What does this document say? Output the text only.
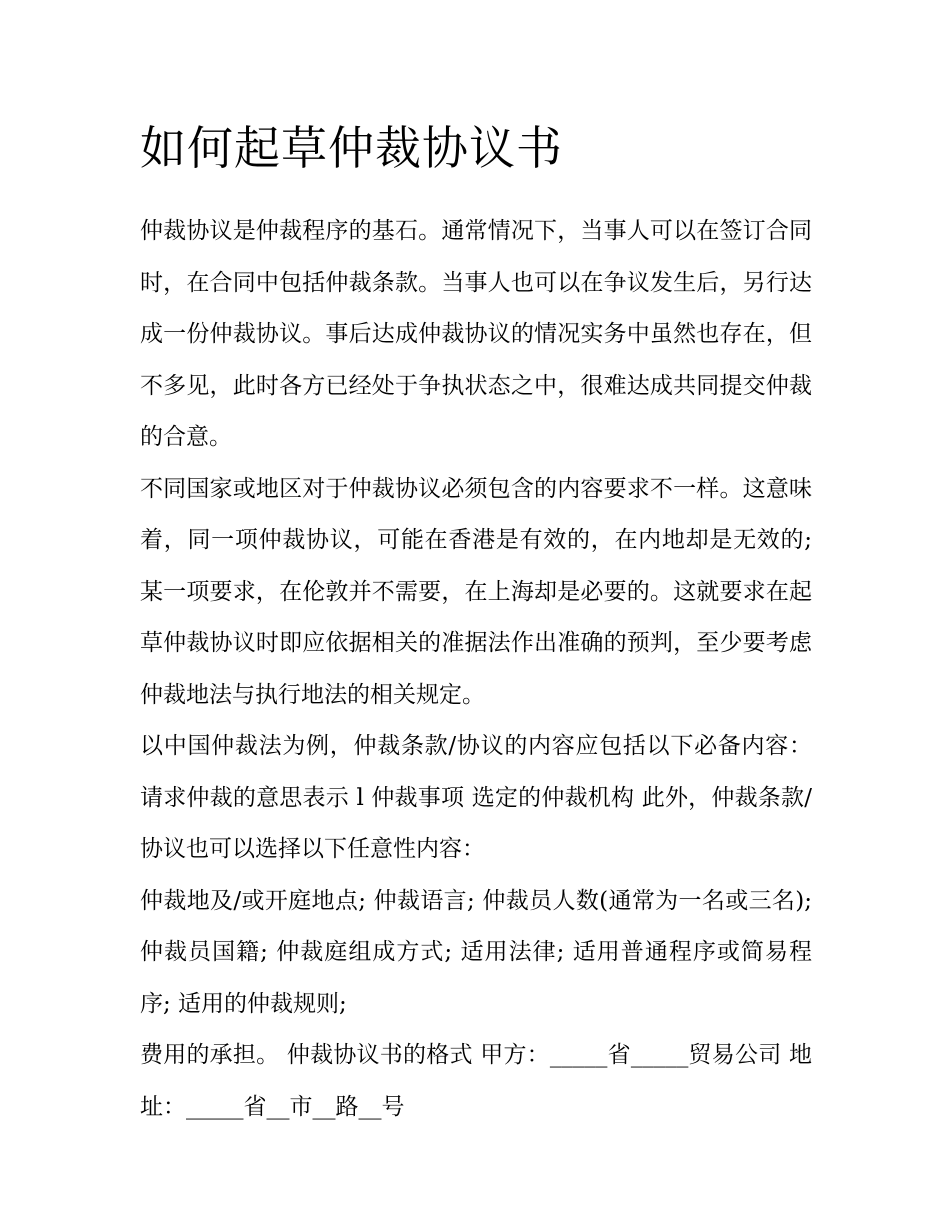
如何起草仲裁协议书

仲裁协议是仲裁程序的基石。通常情况下，当事人可以在签订合同时，在合同中包括仲裁条款。当事人也可以在争议发生后，另行达成一份仲裁协议。事后达成仲裁协议的情况实务中虽然也存在，但不多见，此时各方已经处于争执状态之中，很难达成共同提交仲裁的合意。

不同国家或地区对于仲裁协议必须包含的内容要求不一样。这意味着，同一项仲裁协议，可能在香港是有效的，在内地却是无效的;某一项要求，在伦敦并不需要，在上海却是必要的。这就要求在起草仲裁协议时即应依据相关的准据法作出准确的预判，至少要考虑仲裁地法与执行地法的相关规定。

以中国仲裁法为例，仲裁条款/协议的内容应包括以下必备内容： 请求仲裁的意思表示 l 仲裁事项 选定的仲裁机构 此外，仲裁条款/协议也可以选择以下任意性内容：

仲裁地及/或开庭地点; 仲裁语言; 仲裁员人数(通常为一名或三名); 仲裁员国籍; 仲裁庭组成方式; 适用法律; 适用普通程序或简易程序; 适用的仲裁规则;

费用的承担。 仲裁协议书的格式 甲方：_____省_____贸易公司 地址：_____省__市__路__号
